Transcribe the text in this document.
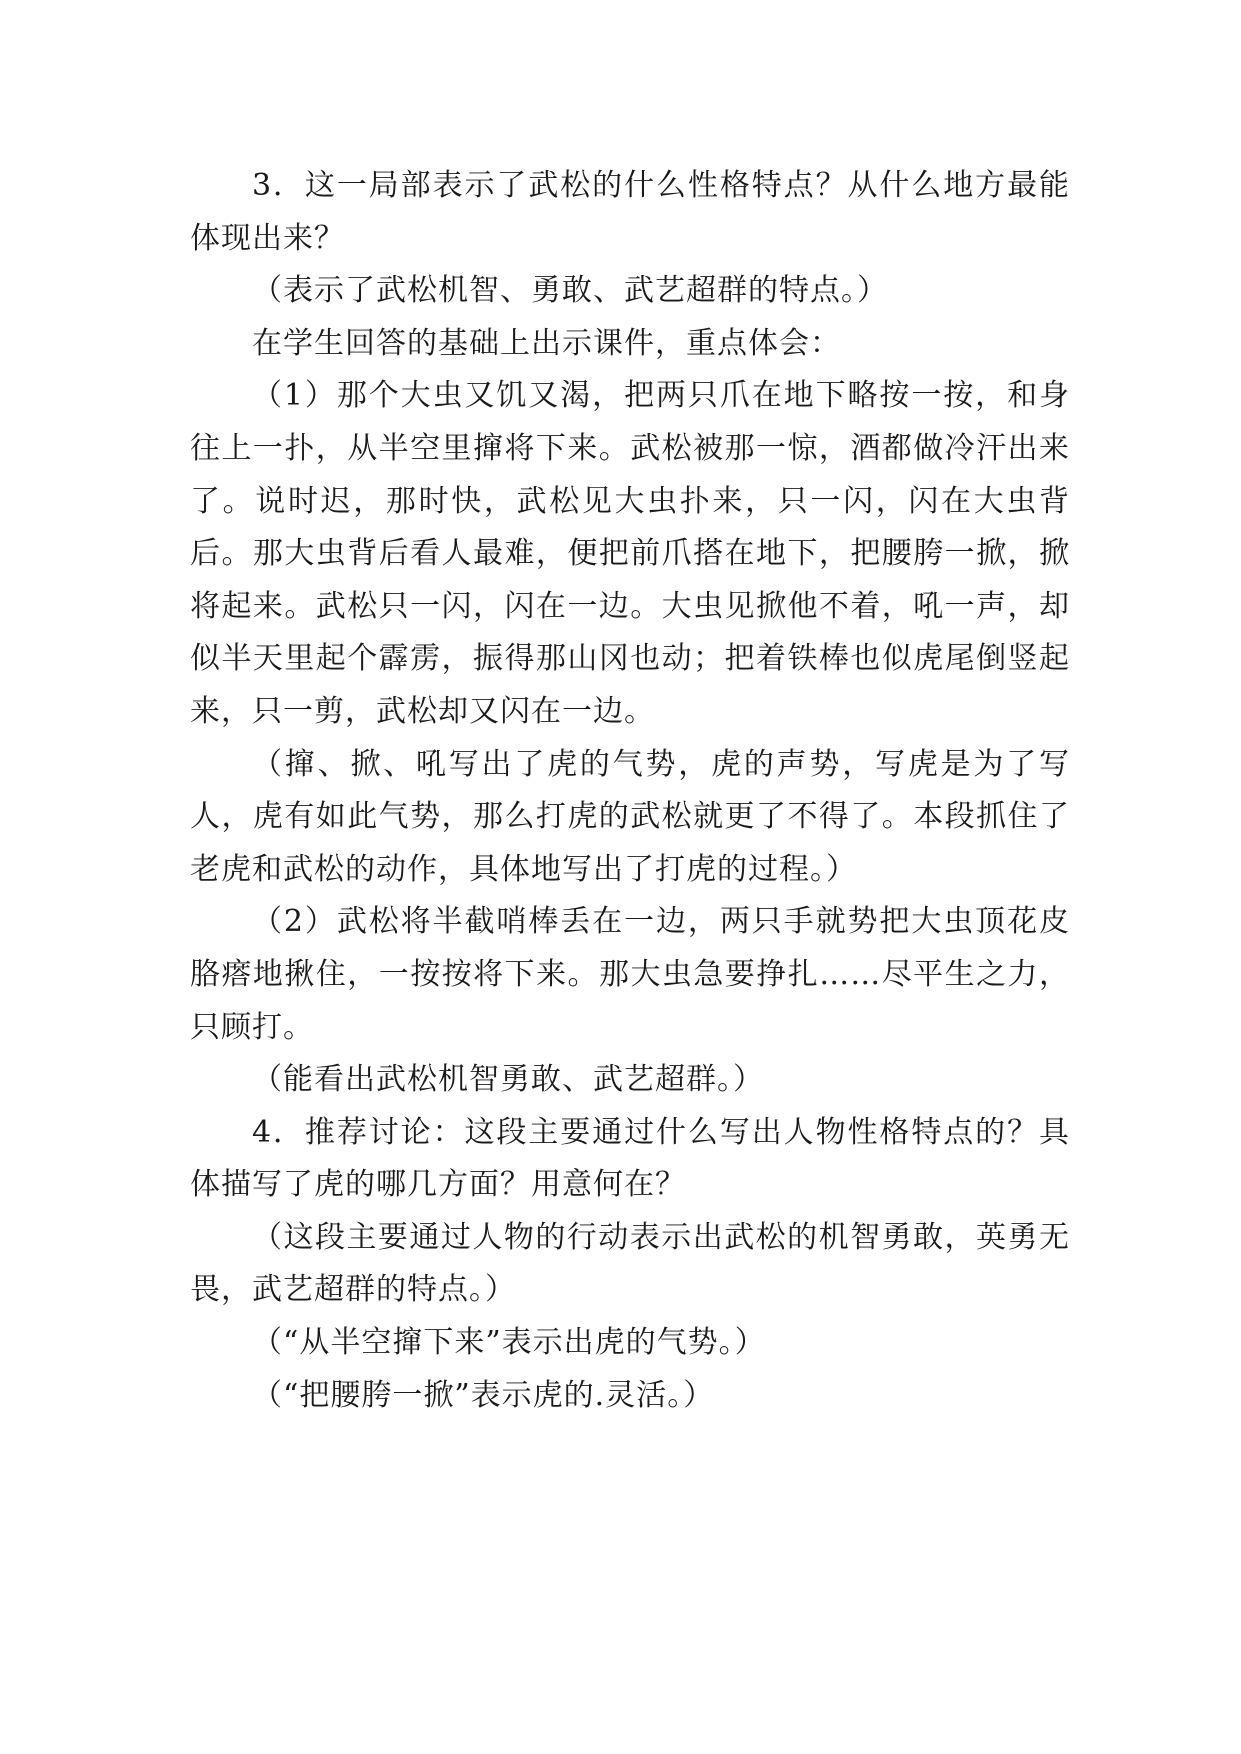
3．这一局部表示了武松的什么性格特点？从什么地方最能体现出来？

（表示了武松机智、勇敢、武艺超群的特点。）

在学生回答的基础上出示课件，重点体会：

（1）那个大虫又饥又渴，把两只爪在地下略按一按，和身往上一扑，从半空里撺将下来。武松被那一惊，酒都做冷汗出来了。说时迟，那时快，武松见大虫扑来，只一闪，闪在大虫背后。那大虫背后看人最难，便把前爪搭在地下，把腰胯一掀，掀将起来。武松只一闪，闪在一边。大虫见掀他不着，吼一声，却似半天里起个霹雳，振得那山冈也动；把着铁棒也似虎尾倒竖起来，只一剪，武松却又闪在一边。

（撺、掀、吼写出了虎的气势，虎的声势，写虎是为了写人，虎有如此气势，那么打虎的武松就更了不得了。本段抓住了老虎和武松的动作，具体地写出了打虎的过程。）

（2）武松将半截哨棒丢在一边，两只手就势把大虫顶花皮胳瘩地揪住，一按按将下来。那大虫急要挣扎……尽平生之力，只顾打。

（能看出武松机智勇敢、武艺超群。）

4．推荐讨论：这段主要通过什么写出人物性格特点的？具体描写了虎的哪几方面？用意何在？

（这段主要通过人物的行动表示出武松的机智勇敢，英勇无畏，武艺超群的特点。）

（“从半空撺下来”表示出虎的气势。）

（“把腰胯一掀”表示虎的.灵活。）
